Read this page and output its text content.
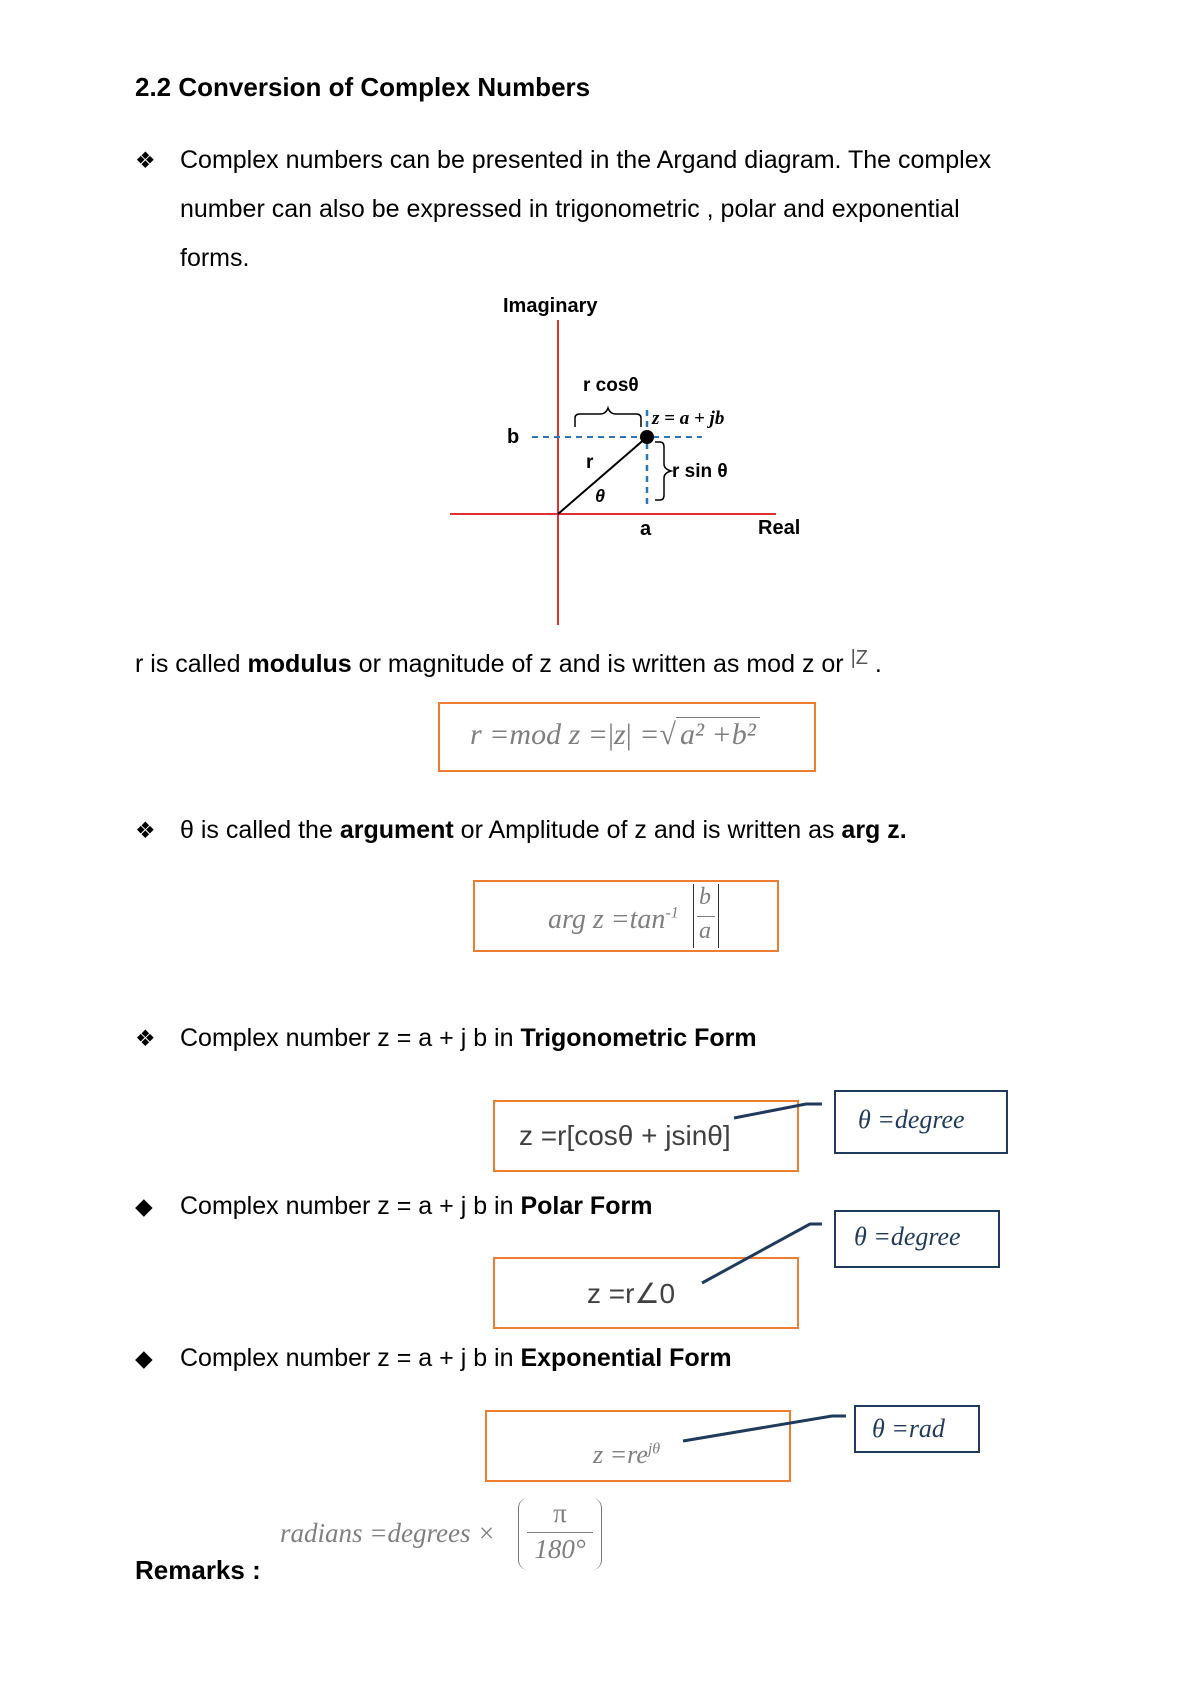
2.2 Conversion of Complex Numbers
❖ Complex numbers can be presented in the Argand diagram. The complex
number can also be expressed in trigonometric , polar and exponential
forms.
Imaginary
Real
b
a
r
θ
r cosθ
r sin θ
z = a + jb
r is called modulus or magnitude of z and is written as mod z or $^{|Z}$ .
r =mod z =|z| =√ a² +b²
❖ θ is called the argument or Amplitude of z and is written as arg z.
arg $z =\tan^{-1}$
b
a
❖ Complex number z = a + j b in Trigonometric Form
z =r[cosθ + jsinθ]
θ =degree
◆ Complex number z = a + j b in Polar Form
z =r∠0
θ =degree
◆ Complex number z = a + j b in Exponential Form
$z =re^{j\theta}$
θ =rad
radians =degrees ×
π
180°
Remarks :
